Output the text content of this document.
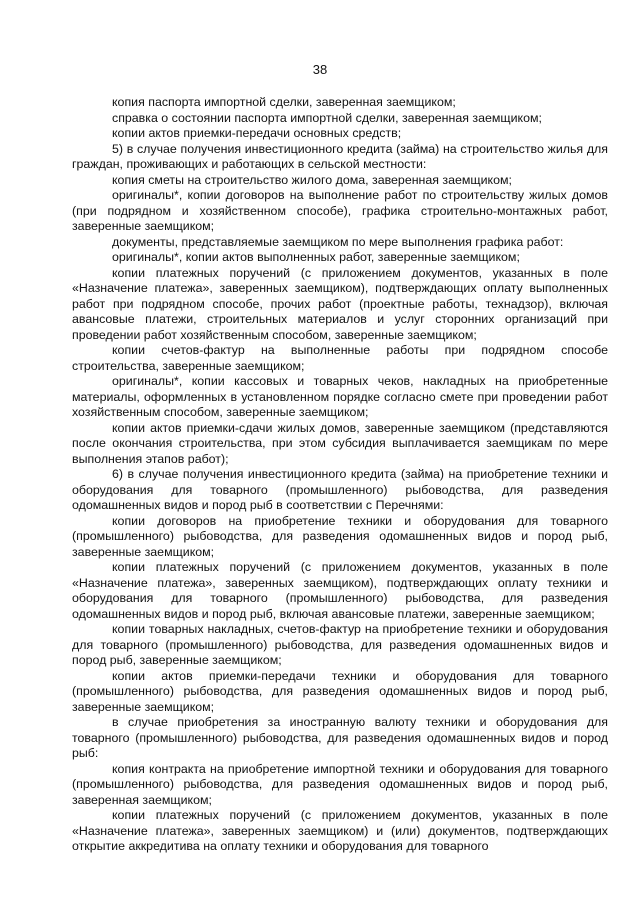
38

копия паспорта импортной сделки, заверенная заемщиком;

справка о состоянии паспорта импортной сделки, заверенная заемщиком;

копии актов приемки-передачи основных средств;

5) в случае получения инвестиционного кредита (займа) на строительство жилья для граждан, проживающих и работающих в сельской местности:

копия сметы на строительство жилого дома, заверенная заемщиком;

оригиналы*, копии договоров на выполнение работ по строительству жилых домов (при подрядном и хозяйственном способе), графика строительно-монтажных работ, заверенные заемщиком;

документы, представляемые заемщиком по мере выполнения графика работ:

оригиналы*, копии актов выполненных работ, заверенные заемщиком;

копии платежных поручений (с приложением документов, указанных в поле «Назначение платежа», заверенных заемщиком), подтверждающих оплату выполненных работ при подрядном способе, прочих работ (проектные работы, технадзор), включая авансовые платежи, строительных материалов и услуг сторонних организаций при проведении работ хозяйственным способом, заверенные заемщиком;

копии счетов-фактур на выполненные работы при подрядном способе строительства, заверенные заемщиком;

оригиналы*, копии кассовых и товарных чеков, накладных на приобретенные материалы, оформленных в установленном порядке согласно смете при проведении работ хозяйственным способом, заверенные заемщиком;

копии актов приемки-сдачи жилых домов, заверенные заемщиком (представляются после окончания строительства, при этом субсидия выплачивается заемщикам по мере выполнения этапов работ);

6) в случае получения инвестиционного кредита (займа) на приобретение техники и оборудования для товарного (промышленного) рыбоводства, для разведения одомашненных видов и пород рыб в соответствии с Перечнями:

копии договоров на приобретение техники и оборудования для товарного (промышленного) рыбоводства, для разведения одомашненных видов и пород рыб, заверенные заемщиком;

копии платежных поручений (с приложением документов, указанных в поле «Назначение платежа», заверенных заемщиком), подтверждающих оплату техники и оборудования для товарного (промышленного) рыбоводства, для разведения одомашненных видов и пород рыб, включая авансовые платежи, заверенные заемщиком;

копии товарных накладных, счетов-фактур на приобретение техники и оборудования для товарного (промышленного) рыбоводства, для разведения одомашненных видов и пород рыб, заверенные заемщиком;

копии актов приемки-передачи техники и оборудования для товарного (промышленного) рыбоводства, для разведения одомашненных видов и пород рыб, заверенные заемщиком;

в случае приобретения за иностранную валюту техники и оборудования для товарного (промышленного) рыбоводства, для разведения одомашненных видов и пород рыб:

копия контракта на приобретение импортной техники и оборудования для товарного (промышленного) рыбоводства, для разведения одомашненных видов и пород рыб, заверенная заемщиком;

копии платежных поручений (с приложением документов, указанных в поле «Назначение платежа», заверенных заемщиком) и (или) документов, подтверждающих открытие аккредитива на оплату техники и оборудования для товарного
